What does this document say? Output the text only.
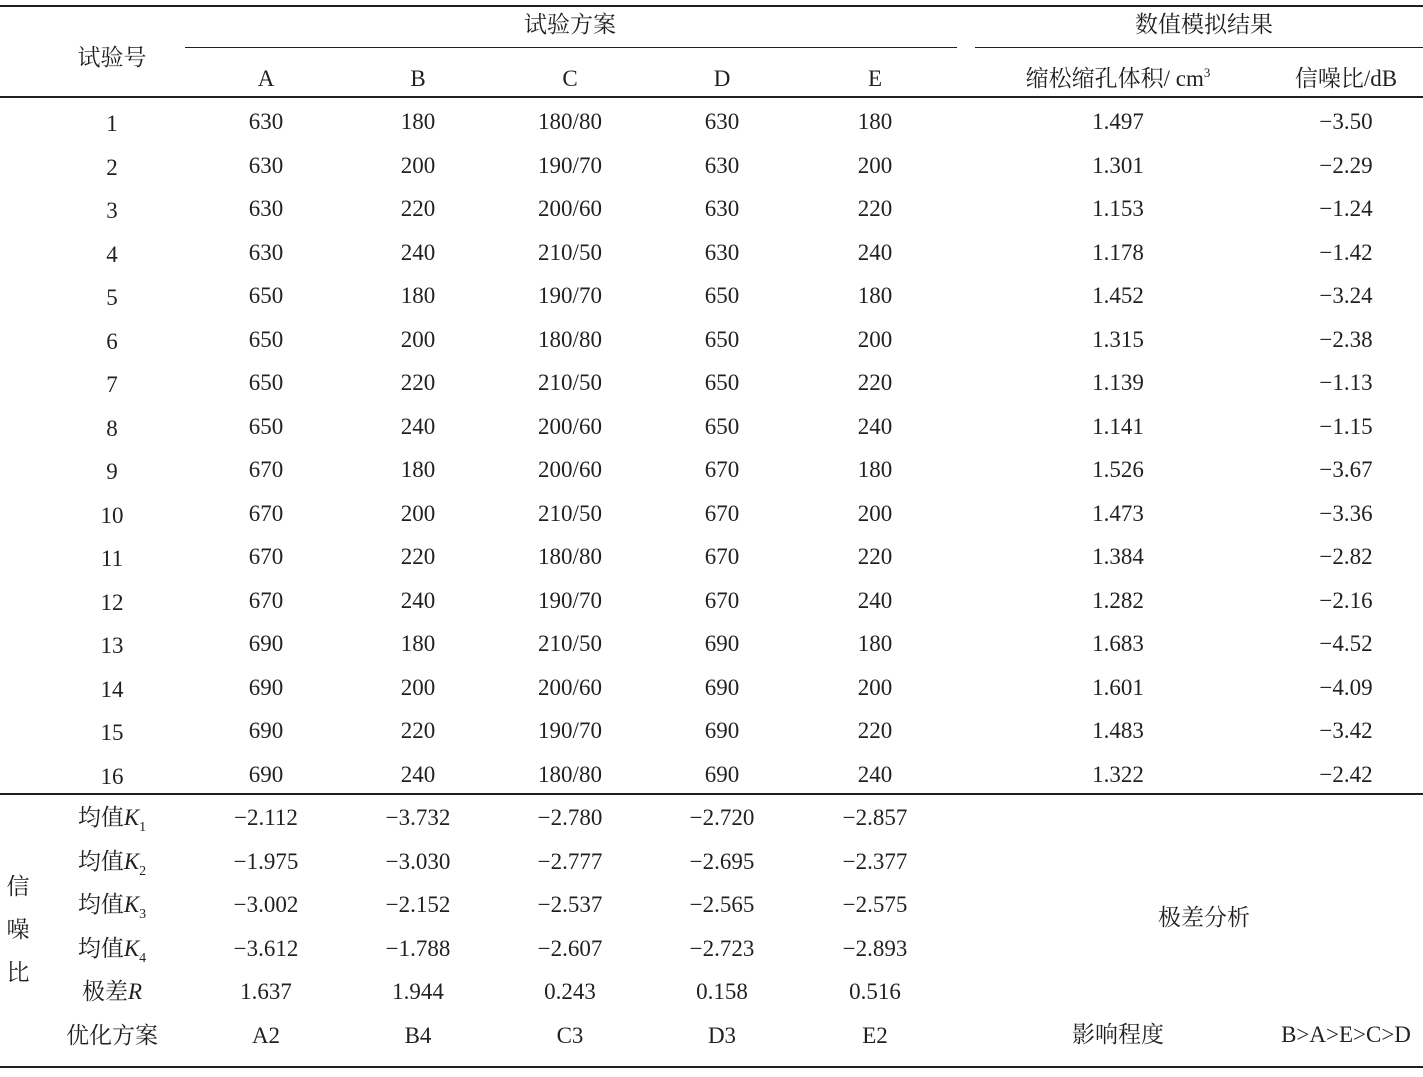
试验号
试验方案	数值模拟结果
A	B	C	D	E	缩松缩孔体积/ $cm^3$	信噪比/dB
1	630	180	180/80	630	180	1.497	−3.50
2	630	200	190/70	630	200	1.301	−2.29
3	630	220	200/60	630	220	1.153	−1.24
4	630	240	210/50	630	240	1.178	−1.42
5	650	180	190/70	650	180	1.452	−3.24
6	650	200	180/80	650	200	1.315	−2.38
7	650	220	210/50	650	220	1.139	−1.13
8	650	240	200/60	650	240	1.141	−1.15
9	670	180	200/60	670	180	1.526	−3.67
10	670	200	210/50	670	200	1.473	−3.36
11	670	220	180/80	670	220	1.384	−2.82
12	670	240	190/70	670	240	1.282	−2.16
13	690	180	210/50	690	180	1.683	−4.52
14	690	200	200/60	690	200	1.601	−4.09
15	690	220	190/70	690	220	1.483	−3.42
16	690	240	180/80	690	240	1.322	−2.42
均值$K_1$	−2.112	−3.732	−2.780	−2.720	−2.857
均值$K_2$	−1.975	−3.030	−2.777	−2.695	−2.377
均值$K_3$	−3.002	−2.152	−2.537	−2.565	−2.575
均值$K_4$	−3.612	−1.788	−2.607	−2.723	−2.893
极差R	1.637	1.944	0.243	0.158	0.516
优化方案	A2	B4	C3	D3	E2
信
噪
比
极差分析
影响程度	B>A>E>C>D
